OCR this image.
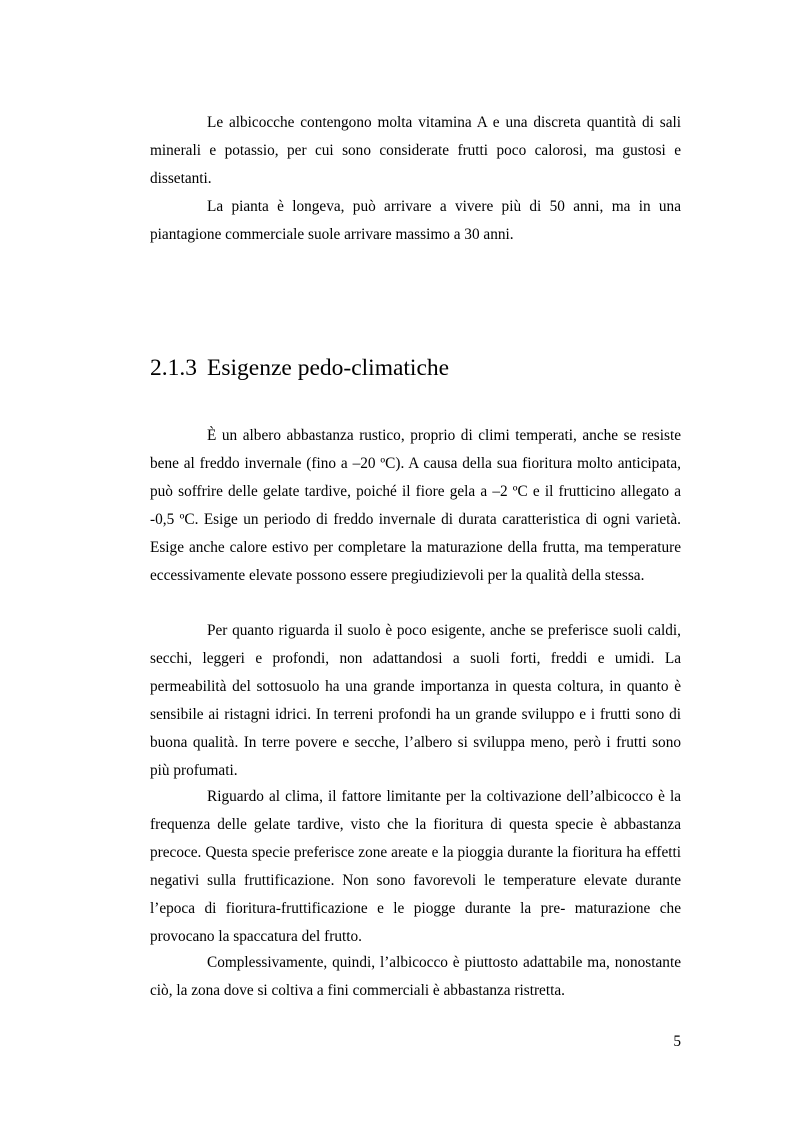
Le albicocche contengono molta vitamina A e una discreta quantità di sali minerali e potassio, per cui sono considerate frutti poco calorosi, ma gustosi e dissetanti.

La pianta è longeva, può arrivare a vivere più di 50 anni, ma in una piantagione commerciale suole arrivare massimo a 30 anni.

2.1.3 Esigenze pedo-climatiche

È un albero abbastanza rustico, proprio di climi temperati, anche se resiste bene al freddo invernale (fino a –20 ºC). A causa della sua fioritura molto anticipata, può soffrire delle gelate tardive, poiché il fiore gela a –2 ºC e il frutticino allegato a -0,5 ºC. Esige un periodo di freddo invernale di durata caratteristica di ogni varietà. Esige anche calore estivo per completare la maturazione della frutta, ma temperature eccessivamente elevate possono essere pregiudizievoli per la qualità della stessa.

Per quanto riguarda il suolo è poco esigente, anche se preferisce suoli caldi, secchi, leggeri e profondi, non adattandosi a suoli forti, freddi e umidi. La permeabilità del sottosuolo ha una grande importanza in questa coltura, in quanto è sensibile ai ristagni idrici. In terreni profondi ha un grande sviluppo e i frutti sono di buona qualità. In terre povere e secche, l’albero si sviluppa meno, però i frutti sono più profumati.

Riguardo al clima, il fattore limitante per la coltivazione dell’albicocco è la frequenza delle gelate tardive, visto che la fioritura di questa specie è abbastanza precoce. Questa specie preferisce zone areate e la pioggia durante la fioritura ha effetti negativi sulla fruttificazione. Non sono favorevoli le temperature elevate durante l’epoca di fioritura-fruttificazione e le piogge durante la pre- maturazione che provocano la spaccatura del frutto.

Complessivamente, quindi, l’albicocco è piuttosto adattabile ma, nonostante ciò, la zona dove si coltiva a fini commerciali è abbastanza ristretta.

5
